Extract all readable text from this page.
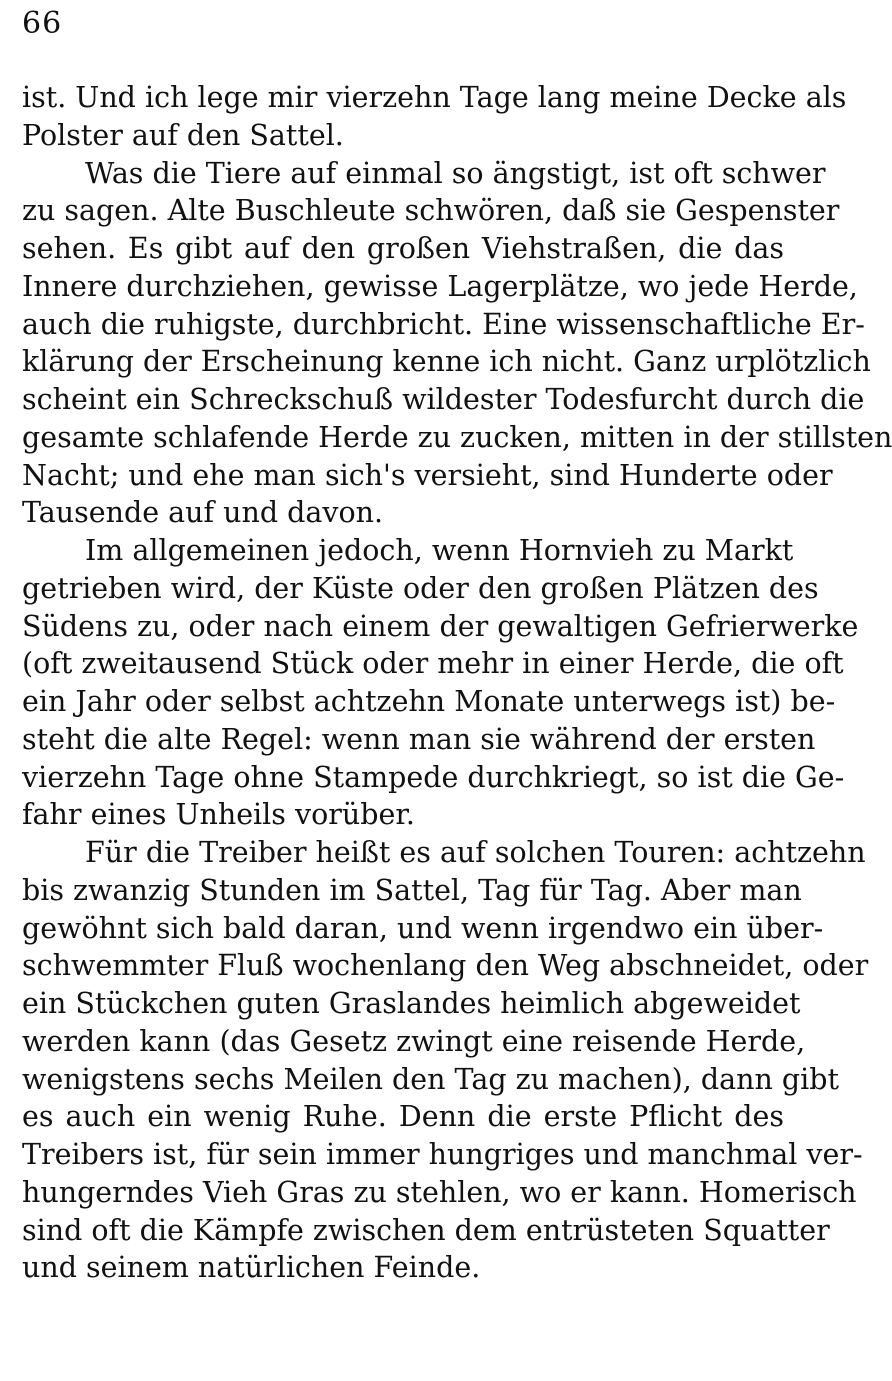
66
ist. Und ich lege mir vierzehn Tage lang meine Decke als
Polster auf den Sattel.
Was die Tiere auf einmal so ängstigt, ist oft schwer
zu sagen. Alte Buschleute schwören, daß sie Gespenster
sehen. Es gibt auf den großen Viehstraßen, die das
Innere durchziehen, gewisse Lagerplätze, wo jede Herde,
auch die ruhigste, durchbricht. Eine wissenschaftliche Er-
klärung der Erscheinung kenne ich nicht. Ganz urplötzlich
scheint ein Schreckschuß wildester Todesfurcht durch die
gesamte schlafende Herde zu zucken, mitten in der stillsten
Nacht; und ehe man sich's versieht, sind Hunderte oder
Tausende auf und davon.
Im allgemeinen jedoch, wenn Hornvieh zu Markt
getrieben wird, der Küste oder den großen Plätzen des
Südens zu, oder nach einem der gewaltigen Gefrierwerke
(oft zweitausend Stück oder mehr in einer Herde, die oft
ein Jahr oder selbst achtzehn Monate unterwegs ist) be-
steht die alte Regel: wenn man sie während der ersten
vierzehn Tage ohne Stampede durchkriegt, so ist die Ge-
fahr eines Unheils vorüber.
Für die Treiber heißt es auf solchen Touren: achtzehn
bis zwanzig Stunden im Sattel, Tag für Tag. Aber man
gewöhnt sich bald daran, und wenn irgendwo ein über-
schwemmter Fluß wochenlang den Weg abschneidet, oder
ein Stückchen guten Graslandes heimlich abgeweidet
werden kann (das Gesetz zwingt eine reisende Herde,
wenigstens sechs Meilen den Tag zu machen), dann gibt
es auch ein wenig Ruhe. Denn die erste Pflicht des
Treibers ist, für sein immer hungriges und manchmal ver-
hungerndes Vieh Gras zu stehlen, wo er kann. Homerisch
sind oft die Kämpfe zwischen dem entrüsteten Squatter
und seinem natürlichen Feinde.
